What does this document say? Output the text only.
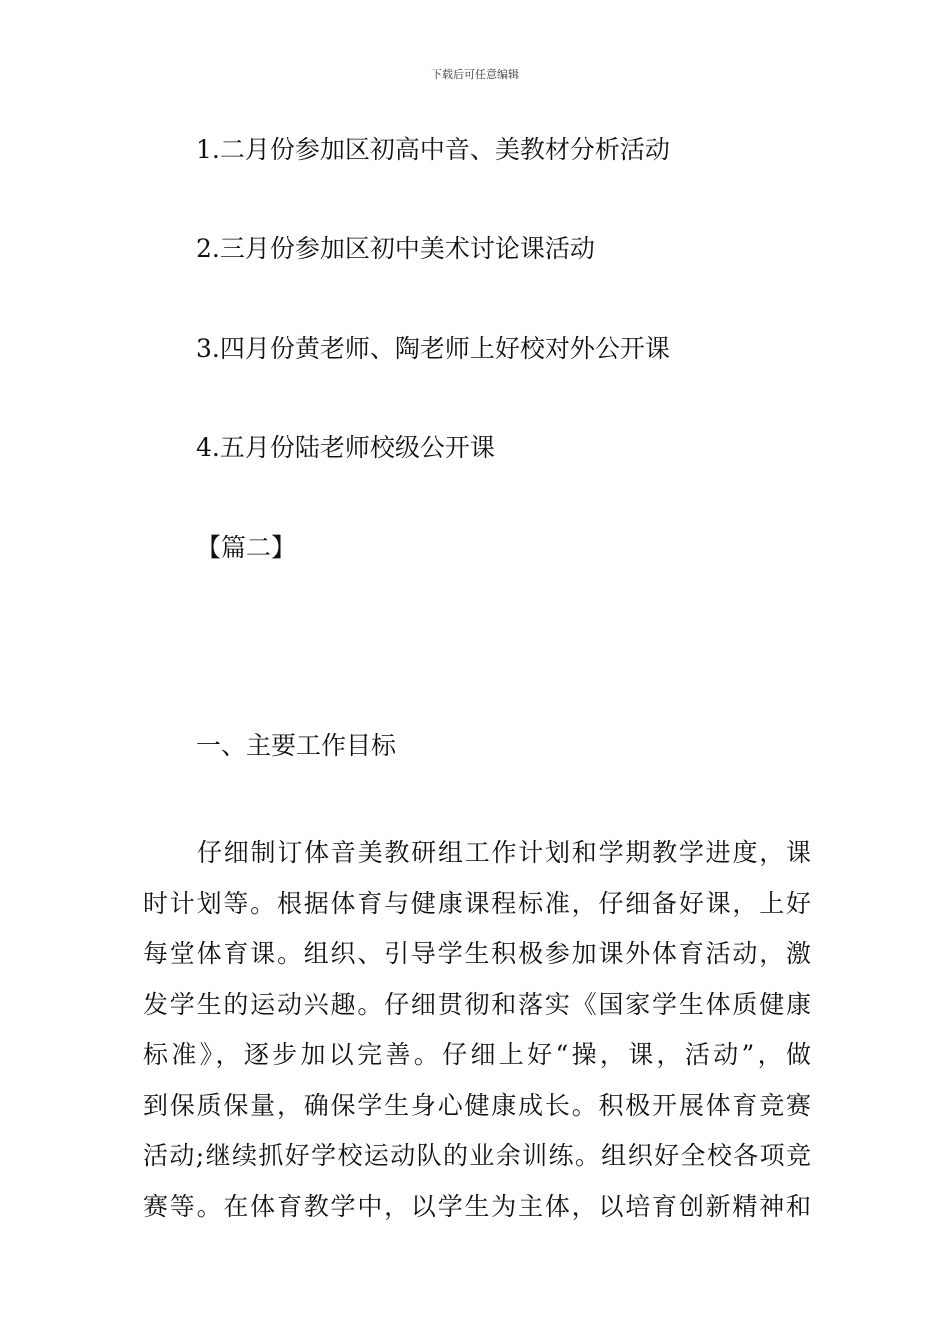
下载后可任意编辑
1.二月份参加区初高中音、美教材分析活动
2.三月份参加区初中美术讨论课活动
3.四月份黄老师、陶老师上好校对外公开课
4.五月份陆老师校级公开课
【篇二】
一、主要工作目标
仔细制订体音美教研组工作计划和学期教学进度，课
时计划等。根据体育与健康课程标准，仔细备好课，上好
每堂体育课。组织、引导学生积极参加课外体育活动，激
发学生的运动兴趣。仔细贯彻和落实《国家学生体质健康
标准》，逐步加以完善。仔细上好“操，课，活动”，做
到保质保量，确保学生身心健康成长。积极开展体育竞赛
活动;继续抓好学校运动队的业余训练。组织好全校各项竞
赛等。在体育教学中，以学生为主体，以培育创新精神和
